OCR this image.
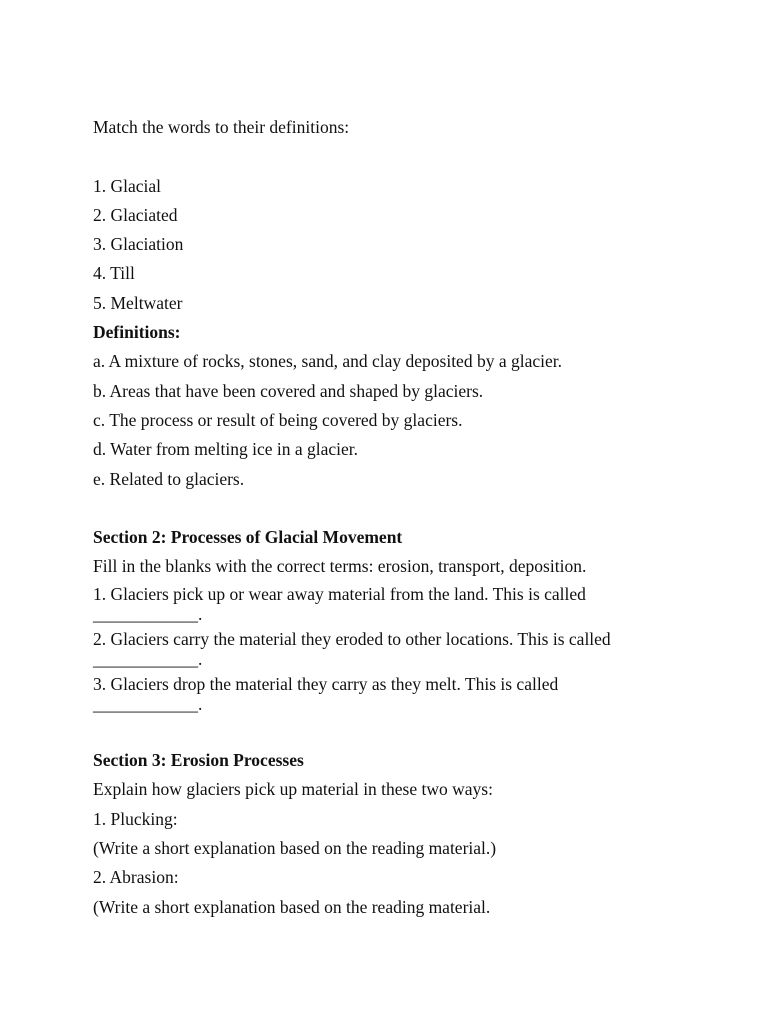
Match the words to their definitions:

1. Glacial

2. Glaciated

3. Glaciation

4. Till

5. Meltwater

Definitions:

a. A mixture of rocks, stones, sand, and clay deposited by a glacier.

b. Areas that have been covered and shaped by glaciers.

c. The process or result of being covered by glaciers.

d. Water from melting ice in a glacier.

e. Related to glaciers.

Section 2: Processes of Glacial Movement

Fill in the blanks with the correct terms: erosion, transport, deposition.

1. Glaciers pick up or wear away material from the land. This is called ____________.

2. Glaciers carry the material they eroded to other locations. This is called ____________.

3. Glaciers drop the material they carry as they melt. This is called ____________.

Section 3: Erosion Processes

Explain how glaciers pick up material in these two ways:

1. Plucking:

(Write a short explanation based on the reading material.)

2. Abrasion:

(Write a short explanation based on the reading material.
